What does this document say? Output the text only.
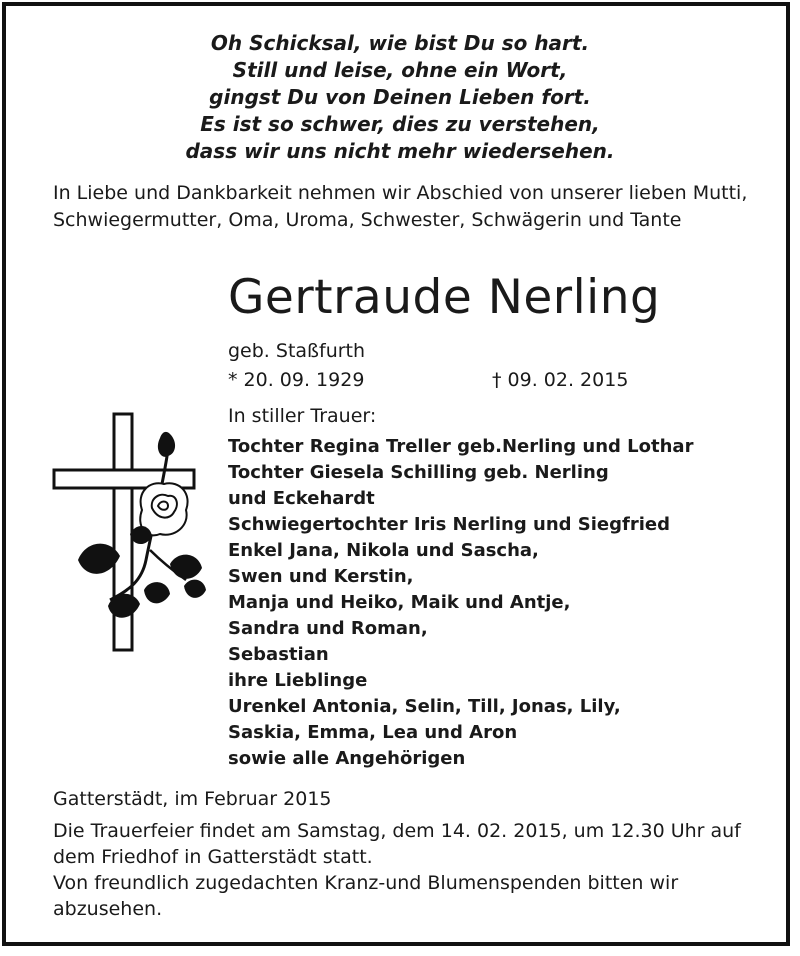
Oh Schicksal, wie bist Du so hart.
Still und leise, ohne ein Wort,
gingst Du von Deinen Lieben fort.
Es ist so schwer, dies zu verstehen,
dass wir uns nicht mehr wiedersehen.
In Liebe und Dankbarkeit nehmen wir Abschied von unserer lieben Mutti, Schwiegermutter, Oma, Uroma, Schwester, Schwägerin und Tante
Gertraude Nerling
geb. Staßfurth
* 20. 09. 1929	† 09. 02. 2015
In stiller Trauer:
Tochter Regina Treller geb.Nerling und Lothar
Tochter Giesela Schilling geb. Nerling
und Eckehardt
Schwiegertochter Iris Nerling und Siegfried
Enkel Jana, Nikola und Sascha,
Swen und Kerstin,
Manja und Heiko, Maik und Antje,
Sandra und Roman,
Sebastian
ihre Lieblinge
Urenkel Antonia, Selin, Till, Jonas, Lily,
Saskia, Emma, Lea und Aron
sowie alle Angehörigen

Gatterstädt, im Februar 2015

Die Trauerfeier findet am Samstag, dem 14. 02. 2015, um 12.30 Uhr auf dem Friedhof in Gatterstädt statt.

Von freundlich zugedachten Kranz-und Blumenspenden bitten wir abzusehen.
